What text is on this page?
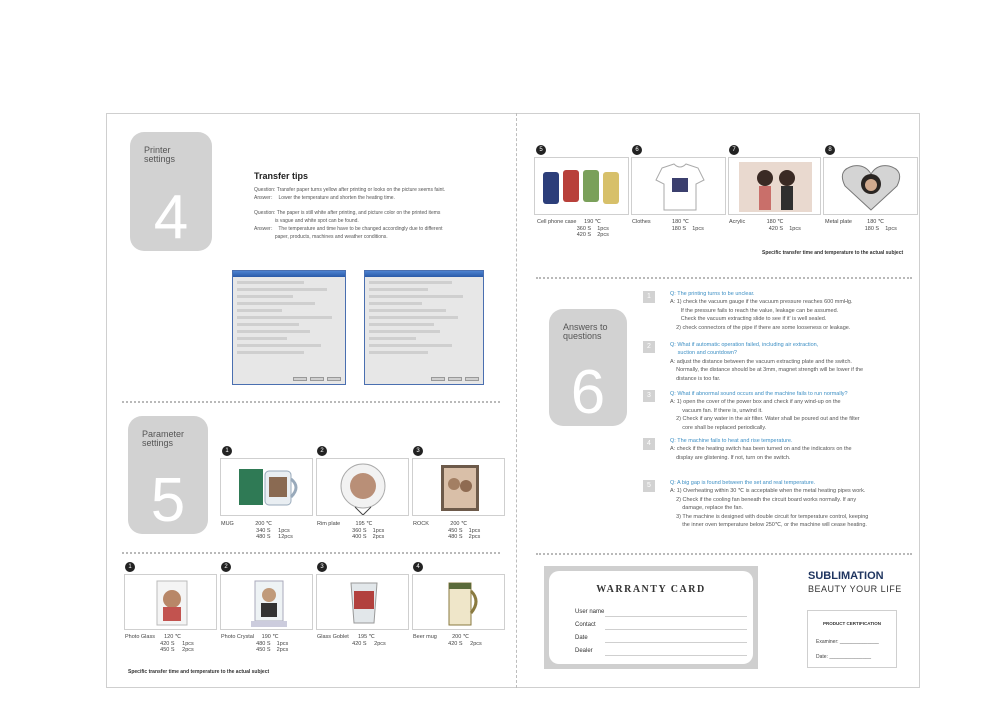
Printer
settings
4
Transfer tips
Question: Transfer paper turns yellow after printing or looks on the picture seems faint.
Answer：  Lower the temperature and shorten the heating time.
Question: The paper is still white after printing, and picture color on the printed items
is vague and white spot can be found.
Answer：  The temperature and time have to be changed accordingly due to different
paper, products, machines and weather conditions.
Parameter
settings
5
1
MUG              200 ℃
340 S     1pcs
480 S     12pcs
2
Rim plate          195 ℃
360 S    1pcs
400 S    2pcs
3
ROCK              200 ℃
450 S    1pcs
480 S    2pcs
1
Photo Glass      120 ℃
420 S     1pcs
450 S     2pcs
2
Photo Crystal     190 ℃
480 S    1pcs
450 S    2pcs
3
Glass Goblet      195 ℃
420 S     2pcs
4
Beer mug          200 ℃
420 S     2pcs
Specific transfer time and temperature to the actual subject
5
Cell phone case     190 ℃
360 S    1pcs
420 S    2pcs
6
Clothes              180 ℃
180 S    1pcs
7
Acrylic              180 ℃
420 S    1pcs
8
Metal plate          180 ℃
180 S    1pcs
Specific transfer time and temperature to the actual subject
Answers to
questions
6
1	Q: The printing turns to be unclear.
A: 1) check the vacuum gauge if the vacuum pressure reaches 600 mmHg.
If the pressure fails to reach the value, leakage can be assumed.
Check the vacuum extracting slide to see if it' is well sealed.
2) check connectors of the pipe if there are some looseness or leakage.
2	Q: What if automatic operation failed, including air extraction,
suction and countdown?
A: adjust the distance between the vacuum extracting plate and the switch.
Normally, the distance should be at 3mm, magnet strength will be lower if the
distance is too far.
3	Q: What if abnormal sound occurs and the machine fails to run normally?
A: 1) open the cover of the power box and check if any wind-up on the
vacuum fan. If there is, unwind it.
2) Check if any water in the air filter. Water shall be poured out and the filter
core shall be replaced periodically.
4	Q: The machine fails to heat and rise temperature.
A: check if the heating switch has been turned on and the indicators on the
display are glistening. If not, turn on the switch.
5	Q: A big gap is found between the set and real temperature.
A: 1) Overheating within 30 ℃ is acceptable when the metal heating pipes work.
2) Check if the cooling fan beneath the circuit board works normally. If any
damage, replace the fan.
3) The machine is designed with double circuit for temperature control, keeping
the inner oven temperature below 250℃, or the machine will cease heating.
WARRANTY CARD
User name
Contact
Date
Dealer
SUBLIMATION
BEAUTY YOUR LIFE
PRODUCT CERTIFICATION
Examiner: ______________
Date: _______________
